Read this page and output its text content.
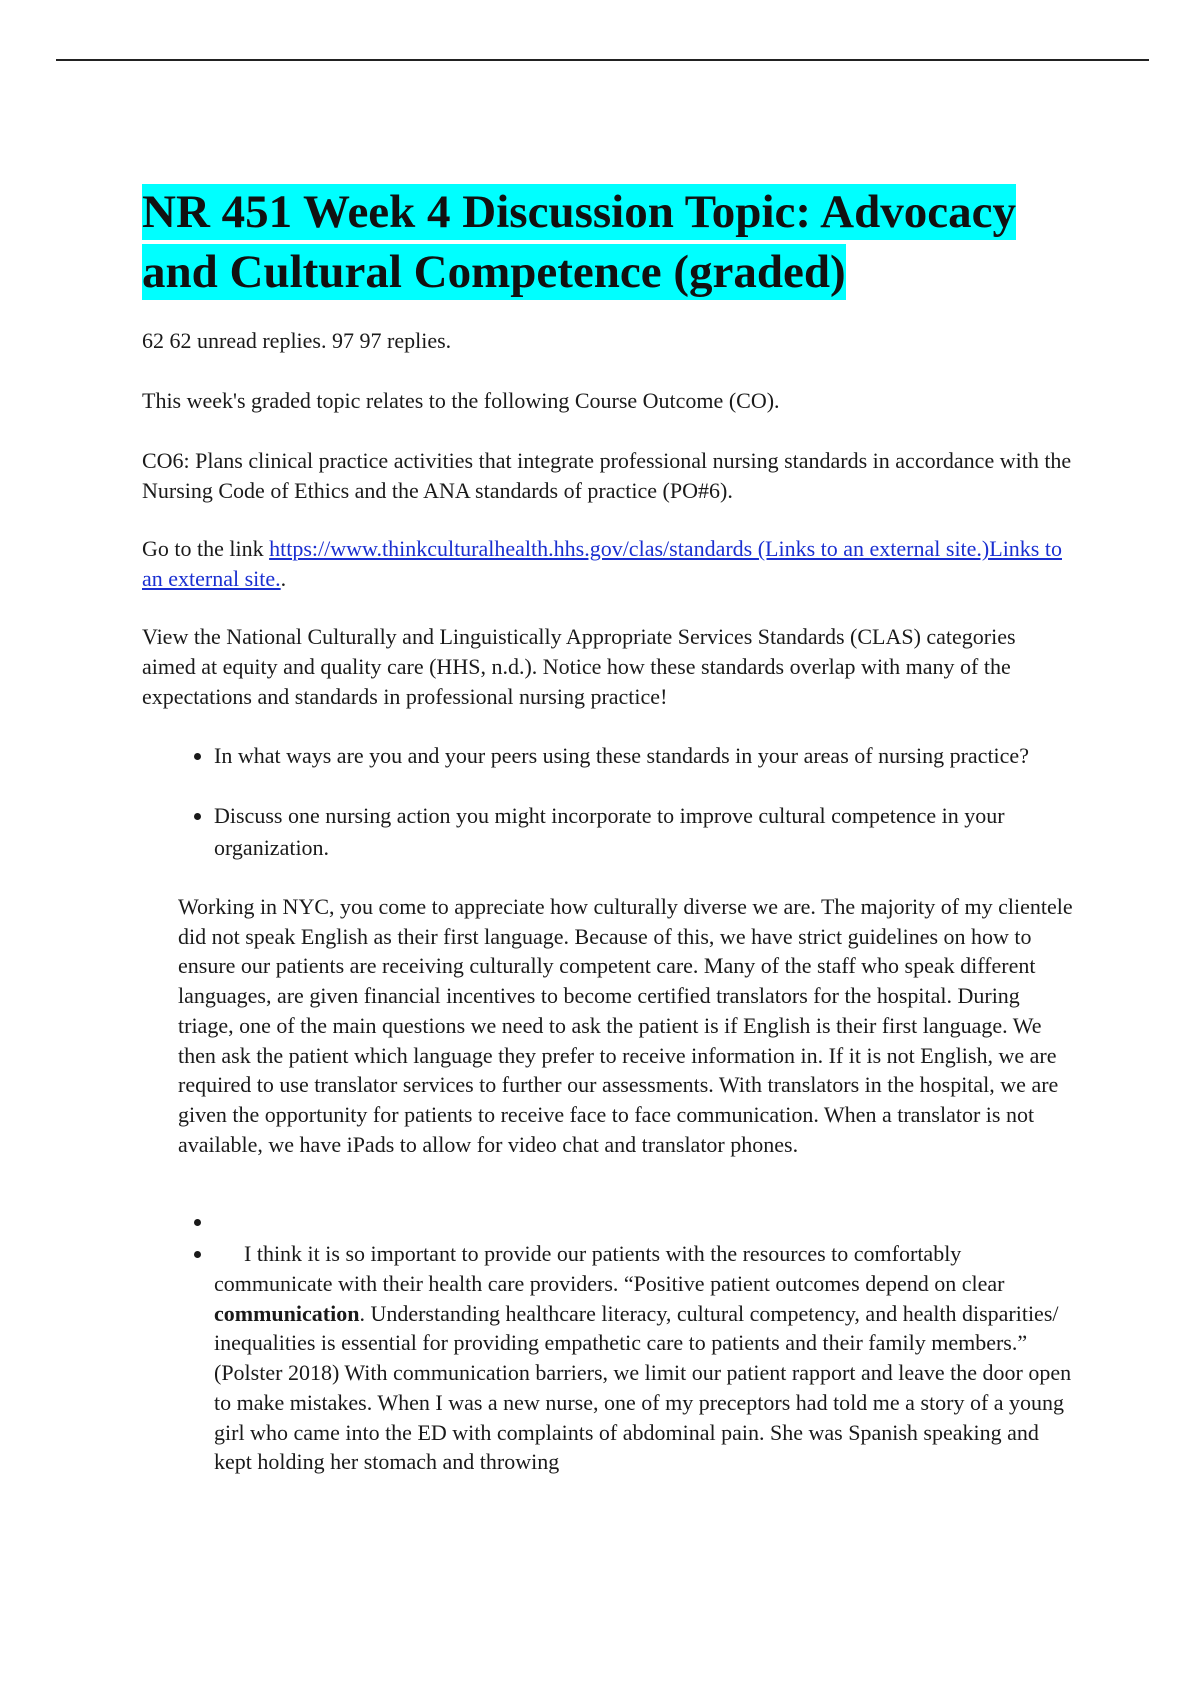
NR 451 Week 4 Discussion Topic: Advocacy
and Cultural Competence (graded)

62 62 unread replies. 97 97 replies.

This week's graded topic relates to the following Course Outcome (CO).

CO6: Plans clinical practice activities that integrate professional nursing standards in accordance with the Nursing Code of Ethics and the ANA standards of practice (PO#6).

Go to the link https://www.thinkculturalhealth.hhs.gov/clas/standards (Links to an external site.)Links to an external site..

View the National Culturally and Linguistically Appropriate Services Standards (CLAS) categories aimed at equity and quality care (HHS, n.d.). Notice how these standards overlap with many of the expectations and standards in professional nursing practice!

• In what ways are you and your peers using these standards in your areas of nursing practice?
• Discuss one nursing action you might incorporate to improve cultural competence in your organization.

Working in NYC, you come to appreciate how culturally diverse we are. The majority of my clientele did not speak English as their first language. Because of this, we have strict guidelines on how to ensure our patients are receiving culturally competent care. Many of the staff who speak different languages, are given financial incentives to become certified translators for the hospital. During triage, one of the main questions we need to ask the patient is if English is their first language. We then ask the patient which language they prefer to receive information in. If it is not English, we are required to use translator services to further our assessments. With translators in the hospital, we are given the opportunity for patients to receive face to face communication. When a translator is not available, we have iPads to allow for video chat and translator phones.

•
• I think it is so important to provide our patients with the resources to comfortably communicate with their health care providers. “Positive patient outcomes depend on clear communication. Understanding healthcare literacy, cultural competency, and health disparities/ inequalities is essential for providing empathetic care to patients and their family members.” (Polster 2018) With communication barriers, we limit our patient rapport and leave the door open to make mistakes. When I was a new nurse, one of my preceptors had told me a story of a young girl who came into the ED with complaints of abdominal pain. She was Spanish speaking and kept holding her stomach and throwing
